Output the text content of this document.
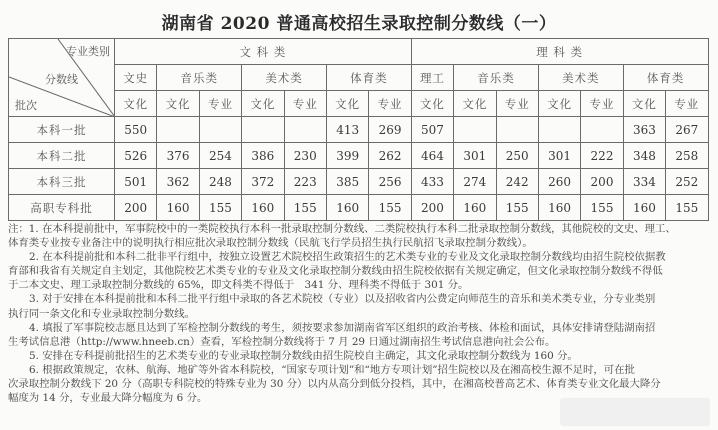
湖南省 2020 普通高校招生录取控制分数线（一）
专业类别
分数线
批次	文 科 类							理 科 类						
	文史	音乐类		美术类		体育类		理工	音乐类		美术类		体育类	
	文化	文化	专业	文化	专业	文化	专业	文化	文化	专业	文化	专业	文化	专业
本科一批	550					413	269	507					363	267
本科二批	526	376	254	386	230	399	262	464	301	250	301	222	348	258
本科三批	501	362	248	372	223	385	256	433	274	242	260	200	334	252
高职专科批	200	160	155	160	155	160	155	200	160	155	160	155	160	155
注：1. 在本科提前批中，军事院校中的一类院校执行本科一批录取控制分数线、二类院校执行本科二批录取控制分数线，其他院校的文史、理工、
体育类专业按专业备注中的说明执行相应批次录取控制分数线（民航飞行学员招生执行民航招飞录取控制分数线）。
2. 在本科提前批和本科二批非平行组中，按独立设置艺术院校招生政策招生的艺术类专业的专业及文化录取控制分数线均由招生院校依据教
育部和我省有关规定自主划定，其他院校艺术类专业的专业及文化录取控制分数线由招生院校依据有关规定确定，但文化录取控制分数线不得低
于二本文史、理工录取控制分数线的 65%，即文科类不得低于　341 分、理科类不得低于 301 分。
3. 对于安排在本科提前批和本科二批平行组中录取的各艺术院校（专业）以及招收省内公费定向师范生的音乐和美术类专业，分专业类别
执行同一条文化和专业录取控制分数线。
4. 填报了军事院校志愿且达到了军检控制分数线的考生，须按要求参加湖南省军区组织的政治考核、体检和面试，具体安排请登陆湖南招
生考试信息港（http://www.hneeb.cn）查看，军检控制分数线将于 7 月 29 日通过湖南招生考试信息港向社会公布。
5. 安排在专科提前批招生的艺术类专业的专业录取控制分数线由招生院校自主确定，其文化录取控制分数线为 160 分。
6. 根据政策规定，农林、航海、地矿等外省本科院校，“国家专项计划”和“地方专项计划”招生院校以及在湘高校生源不足时，可在批
次录取控制分数线下 20 分（高职专科院校的特殊专业为 30 分）以内从高分到低分投档，其中，在湘高校普高艺术、体育类专业文化最大降分
幅度为 14 分，专业最大降分幅度为 6 分。
